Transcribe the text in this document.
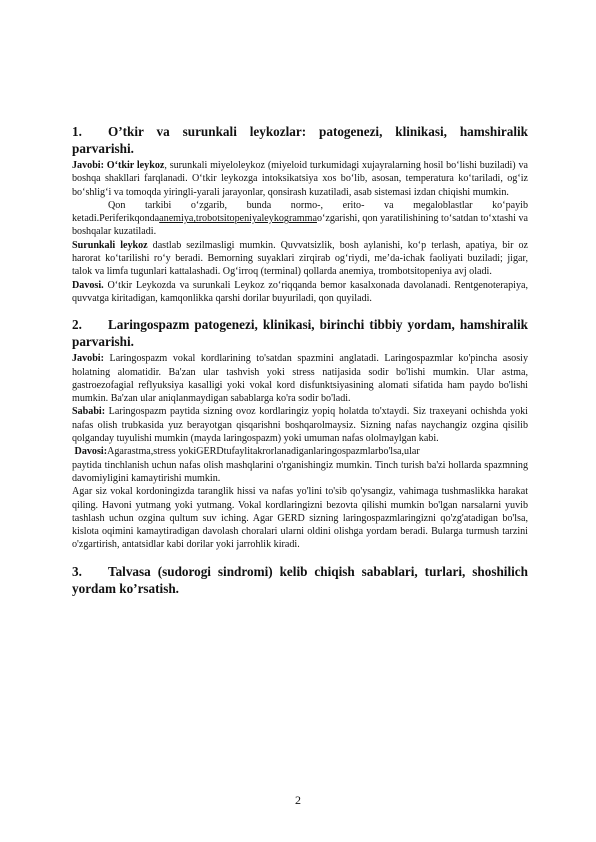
1. O’tkir va surunkali leykozlar: patogenezi, klinikasi, hamshiralik parvarishi.

Javobi: O‘tkir leykoz, surunkali miyeloleykoz (miyeloid turkumidagi xujayralarning hosil bo‘lishi buziladi) va boshqa shakllari farqlanadi. O‘tkir leykozga intoksikatsiya xos bo‘lib, asosan, temperatura ko‘tariladi, og‘iz bo‘shlig‘i va tomoqda yiringli-yarali jarayonlar, qonsirash kuzatiladi, asab sistemasi izdan chiqishi mumkin.

Qon tarkibi o‘zgarib, bunda normo-, erito- va megaloblastlar ko‘payib ketadi.Periferikqondaanemiya,trobotsitopeniyaleykogrammao‘zgarishi, qon yaratilishining to‘satdan to‘xtashi va boshqalar kuzatiladi.

Surunkali leykoz dastlab sezilmasligi mumkin. Quvvatsizlik, bosh aylanishi, ko‘p terlash, apatiya, bir oz harorat ko‘tarilishi ro‘y beradi. Bemorning suyaklari zirqirab og‘riydi, me’da-ichak faoliyati buziladi; jigar, talok va limfa tugunlari kattalashadi. Og‘irroq (terminal) qollarda anemiya, trombotsitopeniya avj oladi.

Davosi. O‘tkir Leykozda va surunkali Leykoz zo‘riqqanda bemor kasalxonada davolanadi. Rentgenoterapiya, quvvatga kiritadigan, kamqonlikka qarshi dorilar buyuriladi, qon quyiladi.

2. Laringospazm patogenezi, klinikasi, birinchi tibbiy yordam, hamshiralik parvarishi.

Javobi: Laringospazm vokal kordlarining to'satdan spazmini anglatadi. Laringospazmlar ko'pincha asosiy holatning alomatidir. Ba'zan ular tashvish yoki stress natijasida sodir bo'lishi mumkin. Ular astma, gastroezofagial reflyuksiya kasalligi yoki vokal kord disfunktsiyasining alomati sifatida ham paydo bo'lishi mumkin. Ba'zan ular aniqlanmaydigan sabablarga ko'ra sodir bo'ladi.

Sababi: Laringospazm paytida sizning ovoz kordlaringiz yopiq holatda to'xtaydi. Siz traxeyani ochishda yoki nafas olish trubkasida yuz berayotgan qisqarishni boshqarolmaysiz. Sizning nafas naychangiz ozgina qisilib qolganday tuyulishi mumkin (mayda laringospazm) yoki umuman nafas ololmaylgan kabi.

Davosi:Agarastma,stress yokiGERDtufaylitakrorlanadiganlaringospazmlarbo'lsa,ular
paytida tinchlanish uchun nafas olish mashqlarini o'rganishingiz mumkin. Tinch turish ba'zi hollarda spazmning davomiyligini kamaytirishi mumkin.

Agar siz vokal kordoningizda taranglik hissi va nafas yo'lini to'sib qo'ysangiz, vahimaga tushmaslikka harakat qiling. Havoni yutmang yoki yutmang. Vokal kordlaringizni bezovta qilishi mumkin bo'lgan narsalarni yuvib tashlash uchun ozgina qultum suv iching. Agar GERD sizning laringospazmlaringizni qo'zg'atadigan bo'lsa, kislota oqimini kamaytiradigan davolash choralari ularni oldini olishga yordam beradi. Bularga turmush tarzini o'zgartirish, antatsidlar kabi dorilar yoki jarrohlik kiradi.

3. Talvasa (sudorogi sindromi) kelib chiqish sabablari, turlari, shoshilich yordam ko’rsatish.

2
